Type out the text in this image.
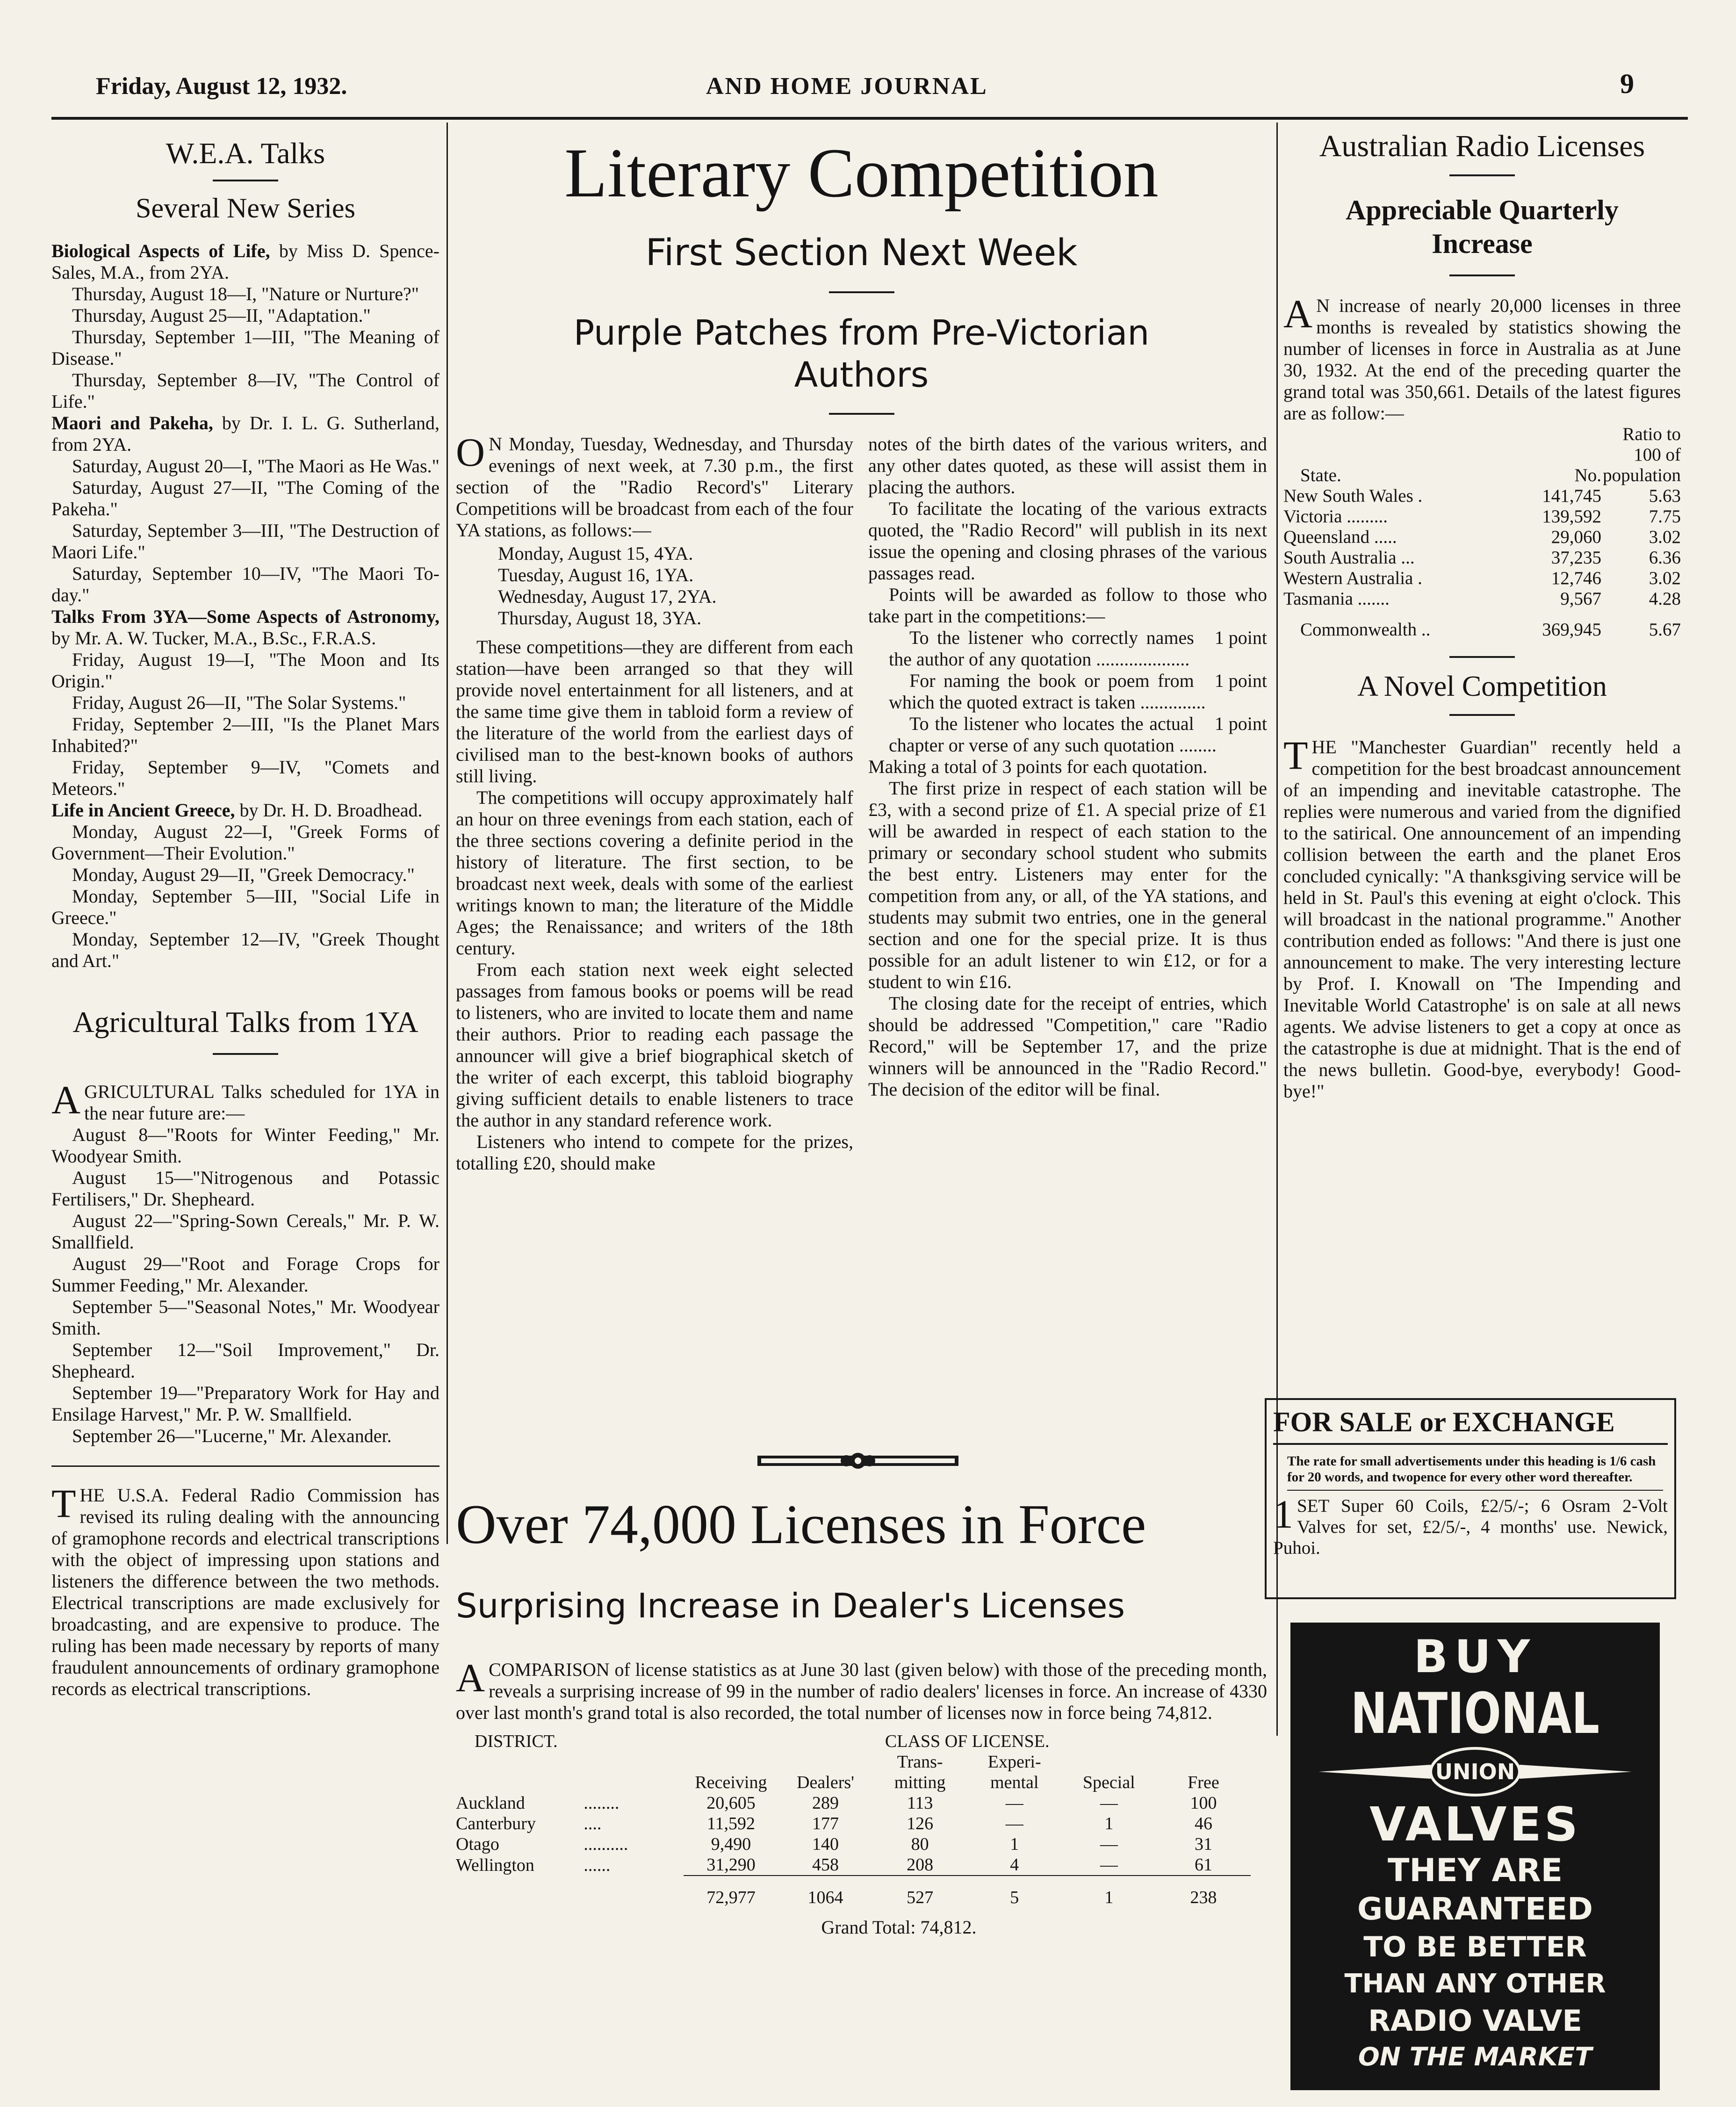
Friday, August 12, 1932.	AND HOME JOURNAL	9
W.E.A. Talks
Several New Series

Biological Aspects of Life, by Miss D. Spence-Sales, M.A., from 2YA.

Thursday, August 18—I, "Nature or Nurture?"

Thursday, August 25—II, "Adaptation."

Thursday, September 1—III, "The Meaning of Disease."

Thursday, September 8—IV, "The Control of Life."

Maori and Pakeha, by Dr. I. L. G. Sutherland, from 2YA.

Saturday, August 20—I, "The Maori as He Was."

Saturday, August 27—II, "The Coming of the Pakeha."

Saturday, September 3—III, "The Destruction of Maori Life."

Saturday, September 10—IV, "The Maori To-day."

Talks From 3YA—Some Aspects of Astronomy, by Mr. A. W. Tucker, M.A., B.Sc., F.R.A.S.

Friday, August 19—I, "The Moon and Its Origin."

Friday, August 26—II, "The Solar Systems."

Friday, September 2—III, "Is the Planet Mars Inhabited?"

Friday, September 9—IV, "Comets and Meteors."

Life in Ancient Greece, by Dr. H. D. Broadhead.

Monday, August 22—I, "Greek Forms of Government—Their Evolution."

Monday, August 29—II, "Greek Democracy."

Monday, September 5—III, "Social Life in Greece."

Monday, September 12—IV, "Greek Thought and Art."

Agricultural Talks from 1YA

AGRICULTURAL Talks scheduled for 1YA in the near future are:—

August 8—"Roots for Winter Feeding," Mr. Woodyear Smith.

August 15—"Nitrogenous and Potassic Fertilisers," Dr. Shepheard.

August 22—"Spring-Sown Cereals," Mr. P. W. Smallfield.

August 29—"Root and Forage Crops for Summer Feeding," Mr. Alexander.

September 5—"Seasonal Notes," Mr. Woodyear Smith.

September 12—"Soil Improvement," Dr. Shepheard.

September 19—"Preparatory Work for Hay and Ensilage Harvest," Mr. P. W. Smallfield.

September 26—"Lucerne," Mr. Alexander.

THE U.S.A. Federal Radio Commission has revised its ruling dealing with the announcing of gramophone records and electrical transcriptions with the object of impressing upon stations and listeners the difference between the two methods. Electrical transcriptions are made exclusively for broadcasting, and are expensive to produce. The ruling has been made necessary by reports of many fraudulent announcements of ordinary gramophone records as electrical transcriptions.

Literary Competition
First Section Next Week
Purple Patches from Pre-Victorian Authors

O N Monday, Tuesday, Wednesday, and Thursday evenings of next week, at 7.30 p.m., the first section of the "Radio Record's" Literary Competitions will be broadcast from each of the four YA stations, as follows:—

Monday, August 15, 4YA.
Tuesday, August 16, 1YA.
Wednesday, August 17, 2YA.
Thursday, August 18, 3YA.

These competitions—they are different from each station—have been arranged so that they will provide novel entertainment for all listeners, and at the same time give them in tabloid form a review of the literature of the world from the earliest days of civilised man to the best-known books of authors still living.

The competitions will occupy approximately half an hour on three evenings from each station, each of the three sections covering a definite period in the history of literature. The first section, to be broadcast next week, deals with some of the earliest writings known to man; the literature of the Middle Ages; the Renaissance; and writers of the 18th century.

From each station next week eight selected passages from famous books or poems will be read to listeners, who are invited to locate them and name their authors. Prior to reading each passage the announcer will give a brief biographical sketch of the writer of each excerpt, this tabloid biography giving sufficient details to enable listeners to trace the author in any standard reference work.

Listeners who intend to compete for the prizes, totalling £20, should make

notes of the birth dates of the various writers, and any other dates quoted, as these will assist them in placing the authors.

To facilitate the locating of the various extracts quoted, the "Radio Record" will publish in its next issue the opening and closing phrases of the various passages read.

Points will be awarded as follow to those who take part in the competitions:—

1 point
To the listener who correctly names the author of any quotation ....................

1 point
For naming the book or poem from which the quoted extract is taken ..............

1 point
To the listener who locates the actual chapter or verse of any such quotation ........

Making a total of 3 points for each quotation.

The first prize in respect of each station will be £3, with a second prize of £1. A special prize of £1 will be awarded in respect of each station to the primary or secondary school student who submits the best entry. Listeners may enter for the competition from any, or all, of the YA stations, and students may submit two entries, one in the general section and one for the special prize. It is thus possible for an adult listener to win £12, or for a student to win £16.

The closing date for the receipt of entries, which should be addressed "Competition," care "Radio Record," will be September 17, and the prize winners will be announced in the "Radio Record." The decision of the editor will be final.

Over 74,000 Licenses in Force
Surprising Increase in Dealer's Licenses

A COMPARISON of license statistics as at June 30 last (given below) with those of the preceding month, reveals a surprising increase of 99 in the number of radio dealers' licenses in force. An increase of 4330 over last month's grand total is also recorded, the total number of licenses now in force being 74,812.

DISTRICT.		CLASS OF LICENSE.					
		Receiving	Dealers'	Trans-mitting	Experi-mental	Special	Free
Auckland	........	20,605	289	113	—	—	100
Canterbury	....	11,592	177	126	—	1	46
Otago	..........	9,490	140	80	1	—	31
Wellington	......	31,290	458	208	4	—	61
		72,977	1064	527	5	1	238
Grand Total: 74,812.
Australian Radio Licenses
Appreciable Quarterly Increase

A N increase of nearly 20,000 licenses in three months is revealed by statistics showing the number of licenses in force in Australia as at June 30, 1932. At the end of the preceding quarter the grand total was 350,661. Details of the latest figures are as follow:—

State.	No.	Ratio to 100 of population
New South Wales .	141,745	5.63
Victoria .........	139,592	7.75
Queensland .....	29,060	3.02
South Australia ...	37,235	6.36
Western Australia .	12,746	3.02
Tasmania .......	9,567	4.28
Commonwealth ..	369,945	5.67
A Novel Competition

THE "Manchester Guardian" recently held a competition for the best broadcast announcement of an impending and inevitable catastrophe. The replies were numerous and varied from the dignified to the satirical. One announcement of an impending collision between the earth and the planet Eros concluded cynically: "A thanksgiving service will be held in St. Paul's this evening at eight o'clock. This will broadcast in the national programme." Another contribution ended as follows: "And there is just one announcement to make. The very interesting lecture by Prof. I. Knowall on 'The Impending and Inevitable World Catastrophe' is on sale at all news agents. We advise listeners to get a copy at once as the catastrophe is due at midnight. That is the end of the news bulletin. Good-bye, everybody! Good-bye!"

FOR SALE or EXCHANGE
The rate for small advertisements under this heading is 1/6 cash for 20 words, and twopence for every other word thereafter.

1 SET Super 60 Coils, £2/5/-; 6 Osram 2-Volt Valves for set, £2/5/-, 4 months' use. Newick, Puhoi.

BUY
NATIONAL
UNION
VALVES
THEY ARE
GUARANTEED
TO BE BETTER
THAN ANY OTHER
RADIO VALVE
ON THE MARKET
